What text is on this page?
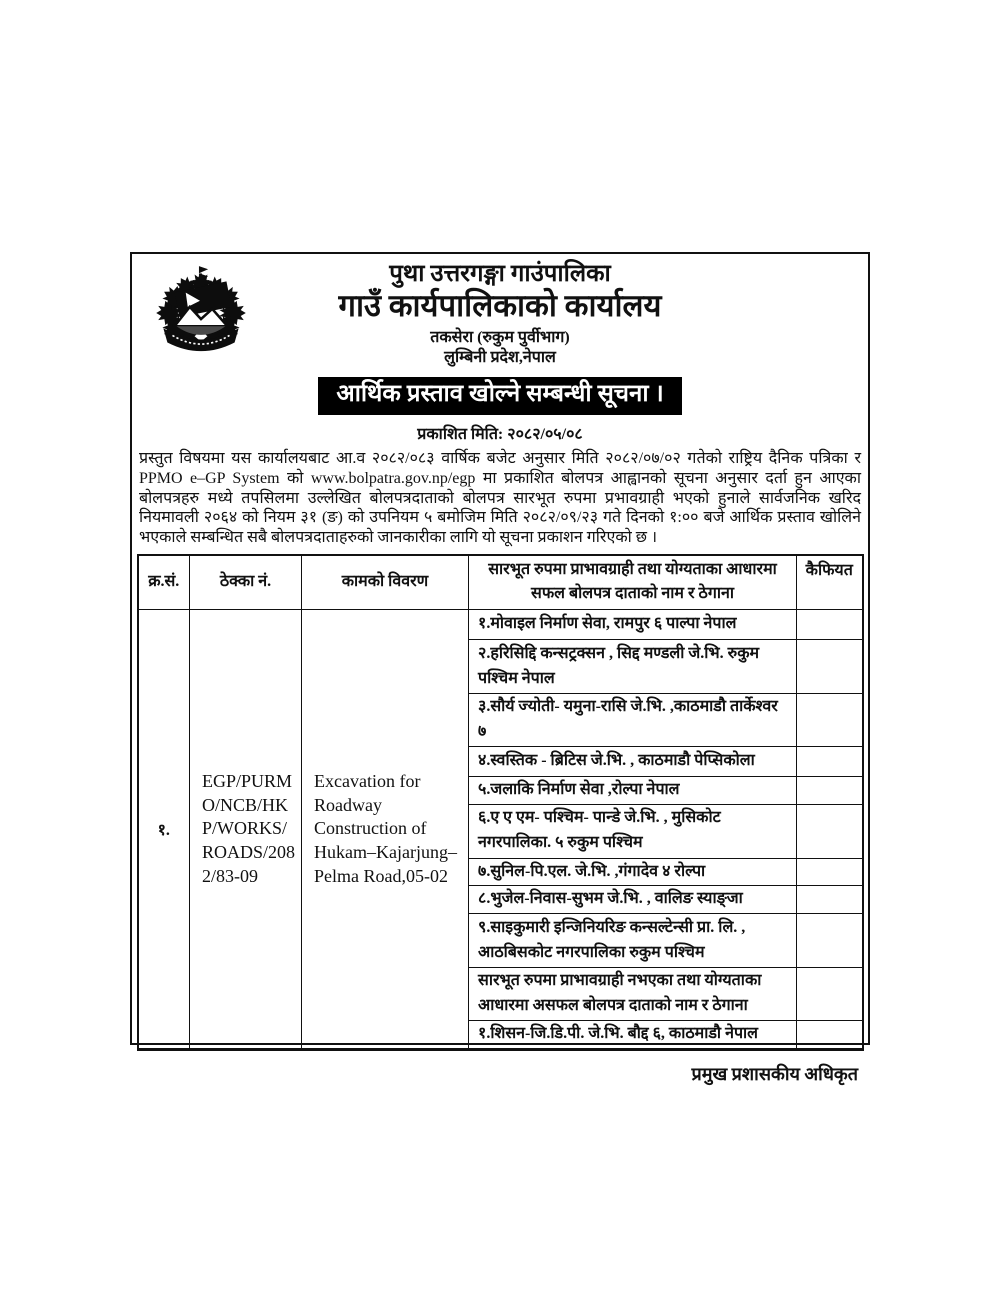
पुथा उत्तरगङ्गा गाउंपालिका
गाउँ कार्यपालिकाको कार्यालय
तकसेरा (रुकुम पुर्वीभाग)
लुम्बिनी प्रदेश,नेपाल
आर्थिक प्रस्ताव खोल्ने सम्बन्धी सूचना ।
प्रकाशित मिति: २०८२/०५/०८
प्रस्तुत विषयमा यस कार्यालयबाट आ.व २०८२/०८३ वार्षिक बजेट अनुसार मिति २०८२/०७/०२ गतेको राष्ट्रिय दैनिक पत्रिका र PPMO e–GP System को www.bolpatra.gov.np/egp मा प्रकाशित बोलपत्र आह्वानको सूचना अनुसार दर्ता हुन आएका बोलपत्रहरु मध्ये तपसिलमा उल्लेखित बोलपत्रदाताको बोलपत्र सारभूत रुपमा प्रभावग्राही भएको हुनाले सार्वजनिक खरिद नियमावली २०६४ को नियम ३१ (ङ) को उपनियम ५ बमोजिम मिति २०८२/०९/२३ गते दिनको १:०० बजे आर्थिक प्रस्ताव खोलिने भएकाले सम्बन्धित सबै बोलपत्रदाताहरुको जानकारीका लागि यो सूचना प्रकाशन गरिएको छ ।
क्र.सं.	ठेक्का नं.	कामको विवरण	सारभूत रुपमा प्राभावग्राही तथा योग्यताका आधारमा सफल बोलपत्र दाताको नाम र ठेगाना	कैफियत
१.	EGP/PURMO/NCB/HKP/WORKS/ROADS/2082/83-09	Excavation for Roadway Construction of Hukam–Kajarjung–Pelma Road,05-02	१.मोवाइल निर्माण सेवा, रामपुर ६ पाल्पा नेपाल	
			२.हरिसिद्दि कन्सट्रक्सन , सिद्द मण्डली जे.भि. रुकुम पश्चिम नेपाल	
			३.सौर्य ज्योती- यमुना-रासि जे.भि. ,काठमाडौ तार्केश्वर ७	
			४.स्वस्तिक - ब्रिटिस जे.भि. , काठमाडौ पेप्सिकोला	
			५.जलाकि निर्माण सेवा ,रोल्पा नेपाल	
			६.ए ए एम- पश्चिम- पान्डे जे.भि. , मुसिकोट नगरपालिका. ५ रुकुम पश्चिम	
			७.सुनिल-पि.एल. जे.भि. ,गंगादेव ४ रोल्पा	
			८.भुजेल-निवास-सुभम जे.भि. , वालिङ स्याङ्जा	
			९.साइकुमारी इन्जिनियरिङ कन्सल्टेन्सी प्रा. लि. , आठबिसकोट नगरपालिका रुकुम पश्चिम	
			सारभूत रुपमा प्राभावग्राही नभएका तथा योग्यताका आधारमा असफल बोलपत्र दाताको नाम र ठेगाना	
			१.शिसन-जि.डि.पी. जे.भि. बौद्द ६, काठमाडौ नेपाल	
प्रमुख प्रशासकीय अधिकृत
